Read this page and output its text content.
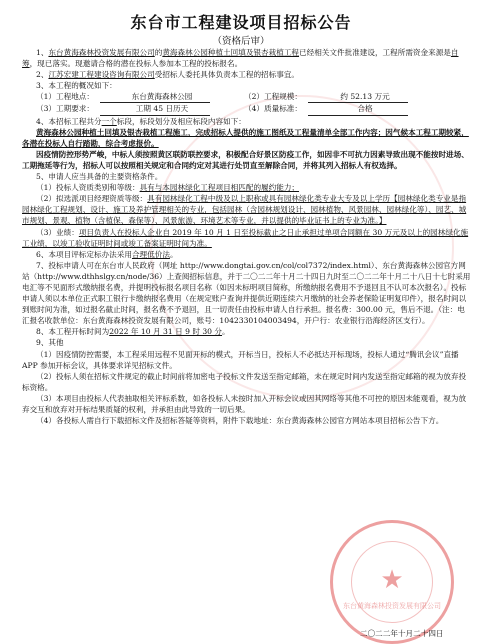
东台市工程建设项目招标公告
（资格后审）

1、东台黄海森林投资发展有限公司的黄海森林公园种植土回填及银杏栽植工程已经相关文件批准建设，工程所需资金来源是自筹，现已落实。现邀请合格的潜在投标人参加本工程的投标报名。

2、江苏宏建工程建设咨询有限公司受招标人委托具体负责本工程的招标事宜。

3、本工程的概况如下：

（1）工程地点：	东台黄海森林公园	（2）工程规模：	约 52.13 万元
（3）工期要求：	工期 45 日历天	（4）质量标准：	合格

4、本招标工程共分一个标段，标段划分及相应标段内容如下：

黄海森林公园种植土回填及银杏栽植工程施工，完成招标人提供的施工图纸及工程量清单全部工作内容；因气候本工程工期较紧，各潜在投标人自行踏勘，综合考虑报价。

因疫情防控形势严峻，中标人须按照黄区联防联控要求，积极配合好景区防疫工作，如因非不可抗力因素导致出现不能按时进场、工期拖延等行为，招标人可以按照相关规定和合同约定对其进行处罚直至解除合同，并将其列入招标人有权选择。

5、申请人应当具备的主要资格条件。

（1）投标人资质类别和等级：具有与本园林绿化工程项目相匹配的履约能力；

（2）拟选派项目经理资质等级：具有园林绿化工程中级及以上职称或具有园林绿化类专业大专及以上学历【园林绿化类专业是指园林绿化工程规划、设计、施工及养护管理相关的专业，包括园林（含园林规划设计、园林植物、风景园林、园林绿化等）、园艺、城市规划、景观、植物（含植保、森保等）、风景旅游、环境艺术等专业，并以提供的毕业证书上的专业为准。】

（3）业绩：项目负责人在投标人企业自 2019 年 10 月 1 日至投标截止之日止承担过单项合同额在 30 万元及以上的园林绿化施工业绩，以竣工验收证明时间或竣工备案证明时间为准。

6、本项目评标定标办法采用合理低价法。

7、投标申请人可在东台市人民政府（网址 http://www.dongtai.gov.cn/col/col7372/index.html）、东台黄海森林公园官方网站（http://www.dthhslgy.cn/node/36）上查阅招标信息，并于二〇二二年十月二十四日九时至二〇二二年十月二十八日十七时采用电汇等不见面形式缴纳报名费，并提明投标报名项目名称（如因未标明项目简称，所缴纳报名费用不予退回且不认可本次报名）。投标申请人须以本单位正式职工银行卡缴纳报名费用（在规定账户查询并提供近期连续六月缴纳的社会养老保险证明复印件），报名时间以到账时间为准，如过报名截止时间，报名费不予退回，且一切责任由投标申请人自行承担。报名费：300.00 元，售后不退。（注：电汇报名收款单位：东台黄海森林投资发展有限公司，账号：1042330104003494，开户行：农业银行沿海经济区支行）。

8、本工程开标时间为2022 年 10 月 31 日 9 时 30 分。

9、其他

（1）因疫情防控需要，本工程采用远程不见面开标的模式，开标当日，投标人不必抵达开标现场，投标人通过“腾讯会议”直播 APP 参加开标会议，具体要求详见招标文件。

（2）投标人须在招标文件规定的截止时间前将加密电子投标文件发送至指定邮箱，未在规定时间内发送至指定邮箱的视为放弃投标资格。

（3）本项目由投标人代表抽取相关评标系数，如各投标人未按时加入开标会议或因其网络等其他不可控的原因未能观看，视为放弃交互和放弃对开标结果质疑的权利，并承担由此导致的一切后果。

（4）各投标人需自行下载招标文件及招标答疑等资料，附件下载地址：东台黄海森林公园官方网站本项目招标公告下方。

★
东台黄海森林投资发展有限公司
二〇二二年十月二十四日
